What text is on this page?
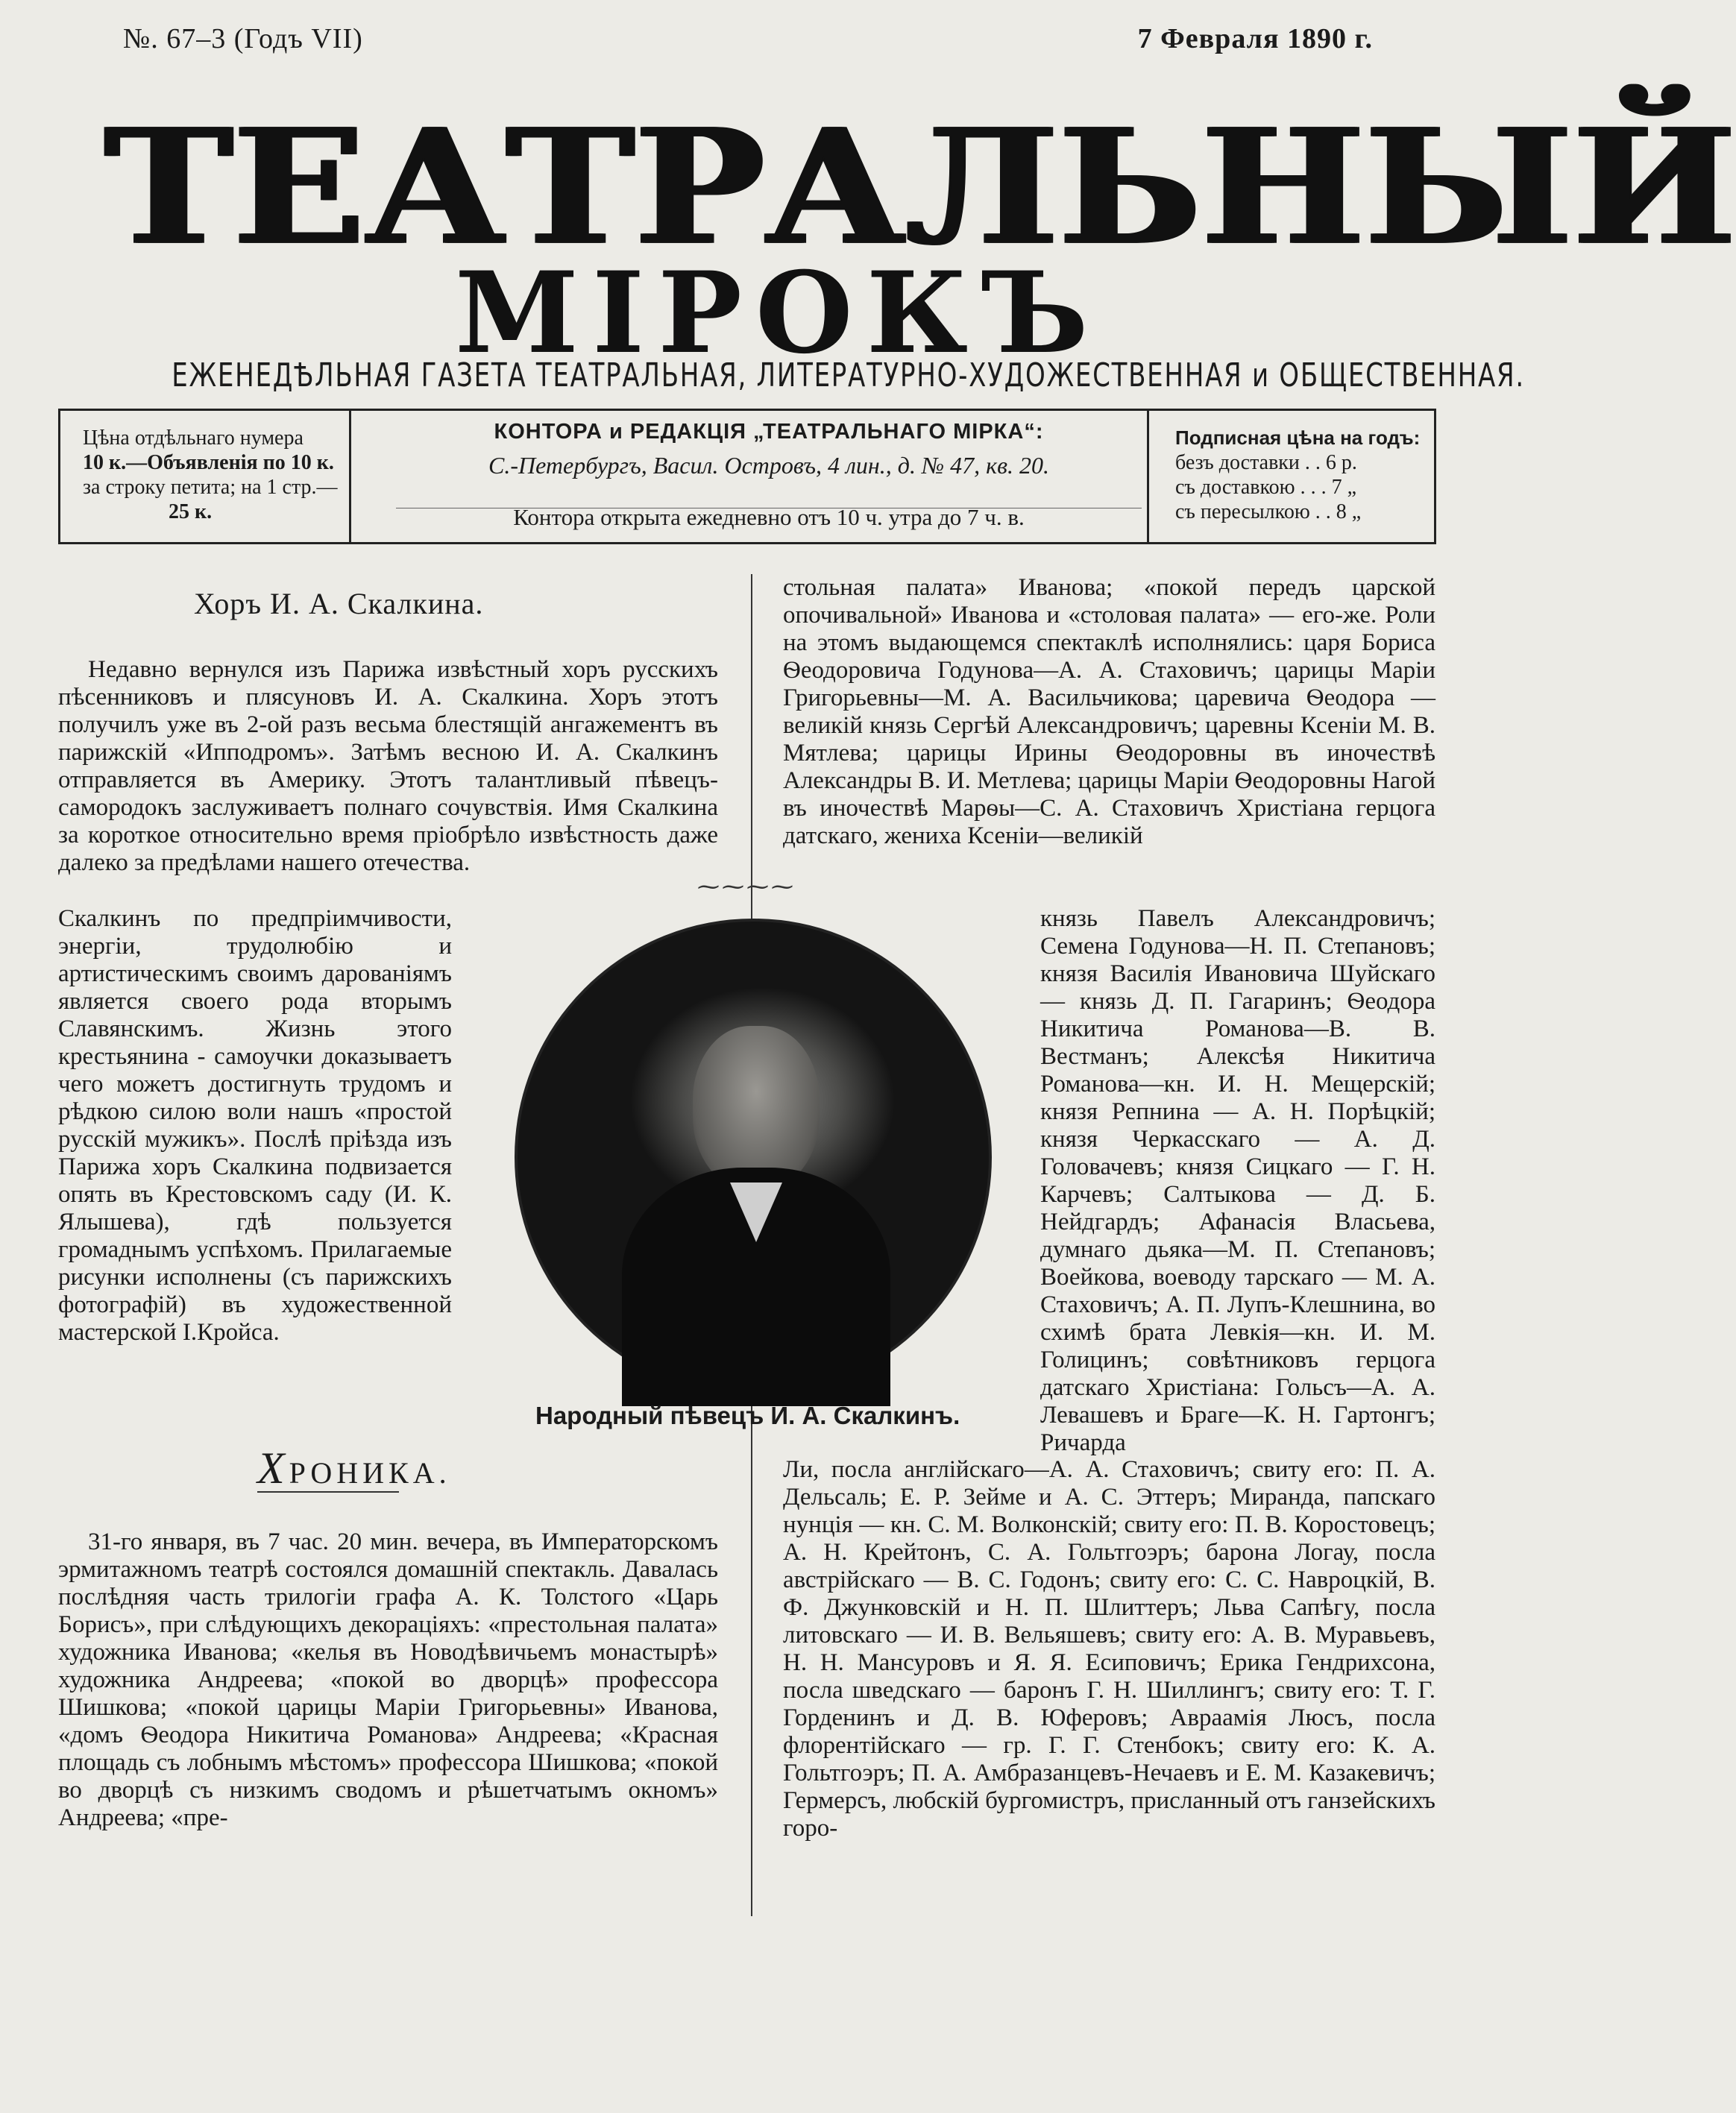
№. 67–3 (Годъ VII)	7 Февраля 1890 г.
Т Е А Т Р А Л Ь Н Ы Й
МІРОКЪ
ЕЖЕНЕДѢЛЬНАЯ ГАЗЕТА ТЕАТРАЛЬНАЯ, ЛИТЕРАТУРНО-ХУДОЖЕСТВЕННАЯ и ОБЩЕСТВЕННАЯ.
Цѣна отдѣльнаго нумера
10 к.—Объявленія по 10 к.
за строку петита; на 1 стр.—
25 к.
КОНТОРА и РЕДАКЦІЯ „ТЕАТРАЛЬНАГО МІРКА“:
С.-Петербургъ, Васил. Островъ, 4 лин., д. № 47, кв. 20.
Контора открыта ежедневно отъ 10 ч. утра до 7 ч. в.
Подписная цѣна на годъ:
безъ доставки . . 6 р.
съ доставкою . . . 7 „
съ пересылкою . . 8 „
Хоръ И. А. Скалкина.

Недавно вернулся изъ Парижа извѣстный хоръ русскихъ пѣсенниковъ и плясуновъ И. А. Скалкина. Хоръ этотъ получилъ уже въ 2-ой разъ весьма блестящій ангажементъ въ парижскій «Ипподромъ». Затѣмъ весною И. А. Скалкинъ отправляется въ Америку. Этотъ талантливый пѣвецъ-самородокъ заслуживаетъ полнаго сочувствія. Имя Скалкина за короткое относительно время пріобрѣло извѣстность даже далеко за предѣлами нашего отечества.

Скалкинъ по предпріимчивости, энергіи, трудолюбію и артистическимъ своимъ дарованіямъ является своего рода вторымъ Славянскимъ. Жизнь этого крестьянина - самоучки доказываетъ чего можетъ достигнуть трудомъ и рѣдкою силою воли нашъ «простой русскій мужикъ». Послѣ пріѣзда изъ Парижа хоръ Скалкина подвизается опять въ Крестовскомъ саду (И. К. Ялышева), гдѣ пользуется громаднымъ успѣхомъ. Прилагаемые рисунки исполнены (съ парижскихъ фотографій) въ художественной мастерской І.Кройса.

⁓⁓⁓⁓
Народный пѣвецъ И. А. Скалкинъ.
ХРОНИКА.

31-го января, въ 7 час. 20 мин. вечера, въ Императорскомъ эрмитажномъ театрѣ состоялся домашній спектакль. Давалась послѣдняя часть трилогіи графа А. К. Толстого «Царь Борисъ», при слѣдующихъ декораціяхъ: «престольная палата» художника Иванова; «келья въ Новодѣвичьемъ монастырѣ» художника Андреева; «покой во дворцѣ» профессора Шишкова; «покой царицы Маріи Григорьевны» Иванова, «домъ Ѳеодора Никитича Романова» Андреева; «Красная площадь съ лобнымъ мѣстомъ» профессора Шишкова; «покой во дворцѣ съ низкимъ сводомъ и рѣшетчатымъ окномъ» Андреева; «пре-

стольная палата» Иванова; «покой передъ царской опочивальной» Иванова и «столовая палата» — его-же. Роли на этомъ выдающемся спектаклѣ исполнялись: царя Бориса Ѳеодоровича Годунова—А. А. Стаховичъ; царицы Маріи Григорьевны—М. А. Васильчикова; царевича Ѳеодора — великій князь Сергѣй Александровичъ; царевны Ксеніи М. В. Мятлева; царицы Ирины Ѳеодоровны въ иночествѣ Александры В. И. Метлева; царицы Маріи Ѳеодоровны Нагой въ иночествѣ Марѳы—С. А. Стаховичъ Христіана герцога датскаго, жениха Ксеніи—великій

князь Павелъ Александровичъ; Семена Годунова—Н. П. Степановъ; князя Василія Ивановича Шуйскаго — князь Д. П. Гагаринъ; Ѳеодора Никитича Романова—В. В. Вестманъ; Алексѣя Никитича Романова—кн. И. Н. Мещерскій; князя Репнина — А. Н. Порѣцкій; князя Черкасскаго — А. Д. Головачевъ; князя Сицкаго — Г. Н. Карчевъ; Салтыкова — Д. Б. Нейдгардъ; Афанасія Власьева, думнаго дьяка—М. П. Степановъ; Воейкова, воеводу тарскаго — М. А. Стаховичъ; А. П. Лупъ-Клешнина, во схимѣ брата Левкія—кн. И. М. Голицинъ; совѣтниковъ герцога датскаго Христіана: Гольсъ—А. А. Левашевъ и Брагe—К. Н. Гартонгъ; Ричарда

Ли, посла англійскаго—А. А. Стаховичъ; свиту его: П. А. Дельсаль; Е. Р. Зейме и А. С. Эттеръ; Миранда, папскаго нунція — кн. С. М. Волконскій; свиту его: П. В. Коростовецъ; А. Н. Крейтонъ, С. А. Гольтгоэръ; барона Логау, посла австрійскаго — В. С. Годонъ; свиту его: С. С. Навроцкій, В. Ф. Джунковскій и Н. П. Шлиттеръ; Льва Сапѣгу, посла литовскаго — И. В. Вельяшевъ; свиту его: А. В. Муравьевъ, Н. Н. Мансуровъ и Я. Я. Есиповичъ; Ерика Гендрихсона, посла шведскаго — баронъ Г. Н. Шиллингъ; свиту его: Т. Г. Горденинъ и Д. В. Юферовъ; Авраамія Люсъ, посла флорентійскаго — гр. Г. Г. Стенбокъ; свиту его: К. А. Гольтгоэръ; П. А. Амбразанцевъ-Нечаевъ и Е. М. Казакевичъ; Гермерсъ, любскій бургомистръ, присланный отъ ганзейскихъ горо-
